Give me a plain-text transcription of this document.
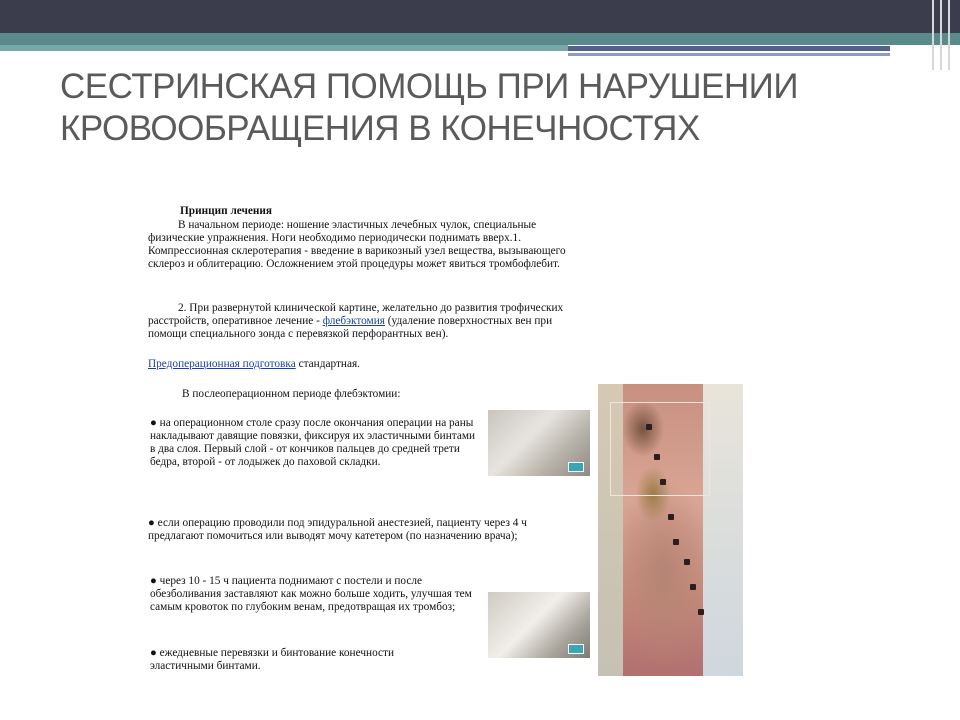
СЕСТРИНСКАЯ ПОМОЩЬ ПРИ НАРУШЕНИИ
КРОВООБРАЩЕНИЯ В КОНЕЧНОСТЯХ

Принцип лечения

В начальном периоде: ношение эластичных лечебных чулок, специальные физические упражнения. Ноги необходимо периодически поднимать вверх.1. Компрессионная склеротерапия - введение в варикозный узел вещества, вызывающего склероз и облитерацию. Осложнением этой процедуры может явиться тромбофлебит.

2. При развернутой клинической картине, желательно до развития трофических расстройств, оперативное лечение - флебэктомия (удаление поверхностных вен при помощи специального зонда с перевязкой перфорантных вен).

Предоперационная подготовка стандартная.

В послеоперационном периоде флебэктомии:

● на операционном столе сразу после окончания операции на раны накладывают давящие повязки, фиксируя их эластичными бинтами в два слоя. Первый слой - от кончиков пальцев до средней трети бедра, второй - от лодыжек до паховой складки.

● если операцию проводили под эпидуральной анестезией, пациенту через 4 ч предлагают помочиться или выводят мочу катетером (по назначению врача);

● через 10 - 15 ч пациента поднимают с постели и после обезболивания заставляют как можно больше ходить, улучшая тем самым кровоток по глубоким венам, предотвращая их тромбоз;

● ежедневные перевязки и бинтование конечности эластичными бинтами.
